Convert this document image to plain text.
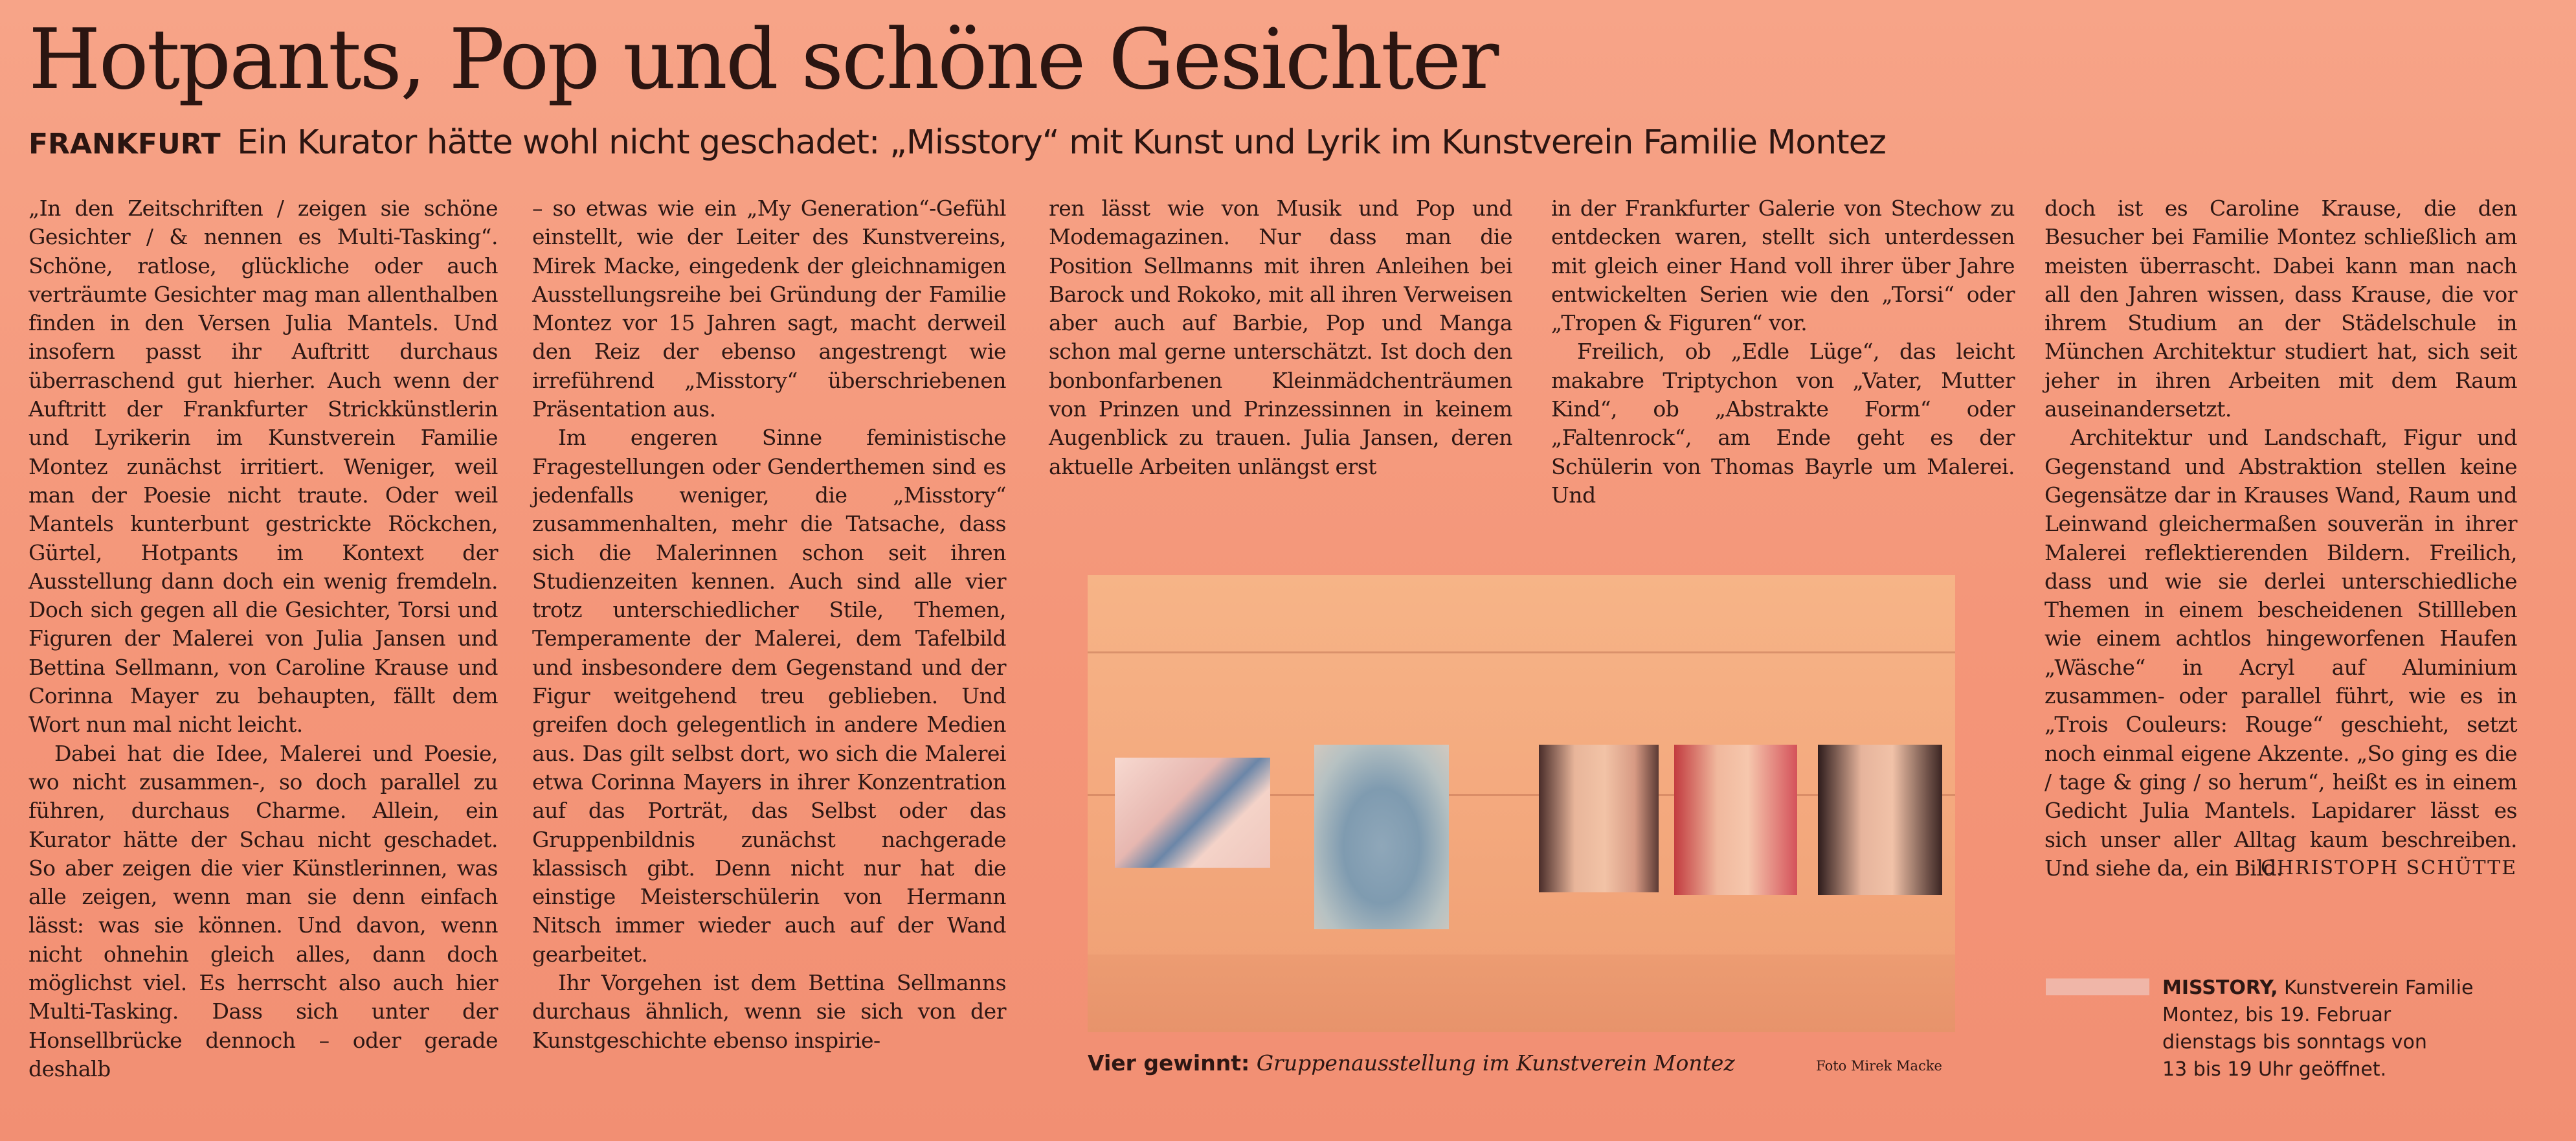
Hotpants, Pop und schöne Gesichter
FRANKFURT Ein Kurator hätte wohl nicht geschadet: „Misstory“ mit Kunst und Lyrik im Kunstverein Familie Montez

„In den Zeitschriften / zeigen sie schöne Gesichter / & nennen es Multi-Tasking“. Schöne, ratlose, glückliche oder auch verträumte Gesichter mag man allenthalben finden in den Versen Julia Mantels. Und insofern passt ihr Auftritt durchaus überraschend gut hierher. Auch wenn der Auftritt der Frankfurter Strickkünstlerin und Lyrikerin im Kunstverein Familie Montez zunächst irritiert. Weniger, weil man der Poesie nicht traute. Oder weil Mantels kunterbunt gestrickte Röckchen, Gürtel, Hotpants im Kontext der Ausstellung dann doch ein wenig fremdeln. Doch sich gegen all die Gesichter, Torsi und Figuren der Malerei von Julia Jansen und Bettina Sellmann, von Caroline Krause und Corinna Mayer zu behaupten, fällt dem Wort nun mal nicht leicht.

Dabei hat die Idee, Malerei und Poesie, wo nicht zusammen-, so doch parallel zu führen, durchaus Charme. Allein, ein Kurator hätte der Schau nicht geschadet. So aber zeigen die vier Künstlerinnen, was alle zeigen, wenn man sie denn einfach lässt: was sie können. Und davon, wenn nicht ohnehin gleich alles, dann doch möglichst viel. Es herrscht also auch hier Multi-Tasking. Dass sich unter der Honsellbrücke dennoch – oder gerade deshalb

– so etwas wie ein „My Generation“-Gefühl einstellt, wie der Leiter des Kunstvereins, Mirek Macke, eingedenk der gleichnamigen Ausstellungsreihe bei Gründung der Familie Montez vor 15 Jahren sagt, macht derweil den Reiz der ebenso angestrengt wie irreführend „Misstory“ überschriebenen Präsentation aus.

Im engeren Sinne feministische Fragestellungen oder Genderthemen sind es jedenfalls weniger, die „Misstory“ zusammenhalten, mehr die Tatsache, dass sich die Malerinnen schon seit ihren Studienzeiten kennen. Auch sind alle vier trotz unterschiedlicher Stile, Themen, Temperamente der Malerei, dem Tafelbild und insbesondere dem Gegenstand und der Figur weitgehend treu geblieben. Und greifen doch gelegentlich in andere Medien aus. Das gilt selbst dort, wo sich die Malerei etwa Corinna Mayers in ihrer Konzentration auf das Porträt, das Selbst oder das Gruppenbildnis zunächst nachgerade klassisch gibt. Denn nicht nur hat die einstige Meisterschülerin von Hermann Nitsch immer wieder auch auf der Wand gearbeitet.

Ihr Vorgehen ist dem Bettina Sellmanns durchaus ähnlich, wenn sie sich von der Kunstgeschichte ebenso inspirie-

ren lässt wie von Musik und Pop und Modemagazinen. Nur dass man die Position Sellmanns mit ihren Anleihen bei Barock und Rokoko, mit all ihren Verweisen aber auch auf Barbie, Pop und Manga schon mal gerne unterschätzt. Ist doch den bonbonfarbenen Kleinmädchenträumen von Prinzen und Prinzessinnen in keinem Augenblick zu trauen. Julia Jansen, deren aktuelle Arbeiten unlängst erst

in der Frankfurter Galerie von Stechow zu entdecken waren, stellt sich unterdessen mit gleich einer Hand voll ihrer über Jahre entwickelten Serien wie den „Torsi“ oder „Tropen & Figuren“ vor.

Freilich, ob „Edle Lüge“, das leicht makabre Triptychon von „Vater, Mutter Kind“, ob „Abstrakte Form“ oder „Faltenrock“, am Ende geht es der Schülerin von Thomas Bayrle um Malerei. Und

doch ist es Caroline Krause, die den Besucher bei Familie Montez schließlich am meisten überrascht. Dabei kann man nach all den Jahren wissen, dass Krause, die vor ihrem Studium an der Städelschule in München Architektur studiert hat, sich seit jeher in ihren Arbeiten mit dem Raum auseinandersetzt.

Architektur und Landschaft, Figur und Gegenstand und Abstraktion stellen keine Gegensätze dar in Krauses Wand, Raum und Leinwand gleichermaßen souverän in ihrer Malerei reflektierenden Bildern. Freilich, dass und wie sie derlei unterschiedliche Themen in einem bescheidenen Stillleben wie einem achtlos hingeworfenen Haufen „Wäsche“ in Acryl auf Aluminium zusammen- oder parallel führt, wie es in „Trois Couleurs: Rouge“ geschieht, setzt noch einmal eigene Akzente. „So ging es die / tage & ging / so herum“, heißt es in einem Gedicht Julia Mantels. Lapidarer lässt es sich unser aller Alltag kaum beschreiben. Und siehe da, ein Bild.

CHRISTOPH SCHÜTTE
Vier gewinnt: Gruppenausstellung im Kunstverein Montez	Foto Mirek Macke
MISSTORY, Kunstverein Familie
Montez, bis 19. Februar
dienstags bis sonntags von
13 bis 19 Uhr geöffnet.
